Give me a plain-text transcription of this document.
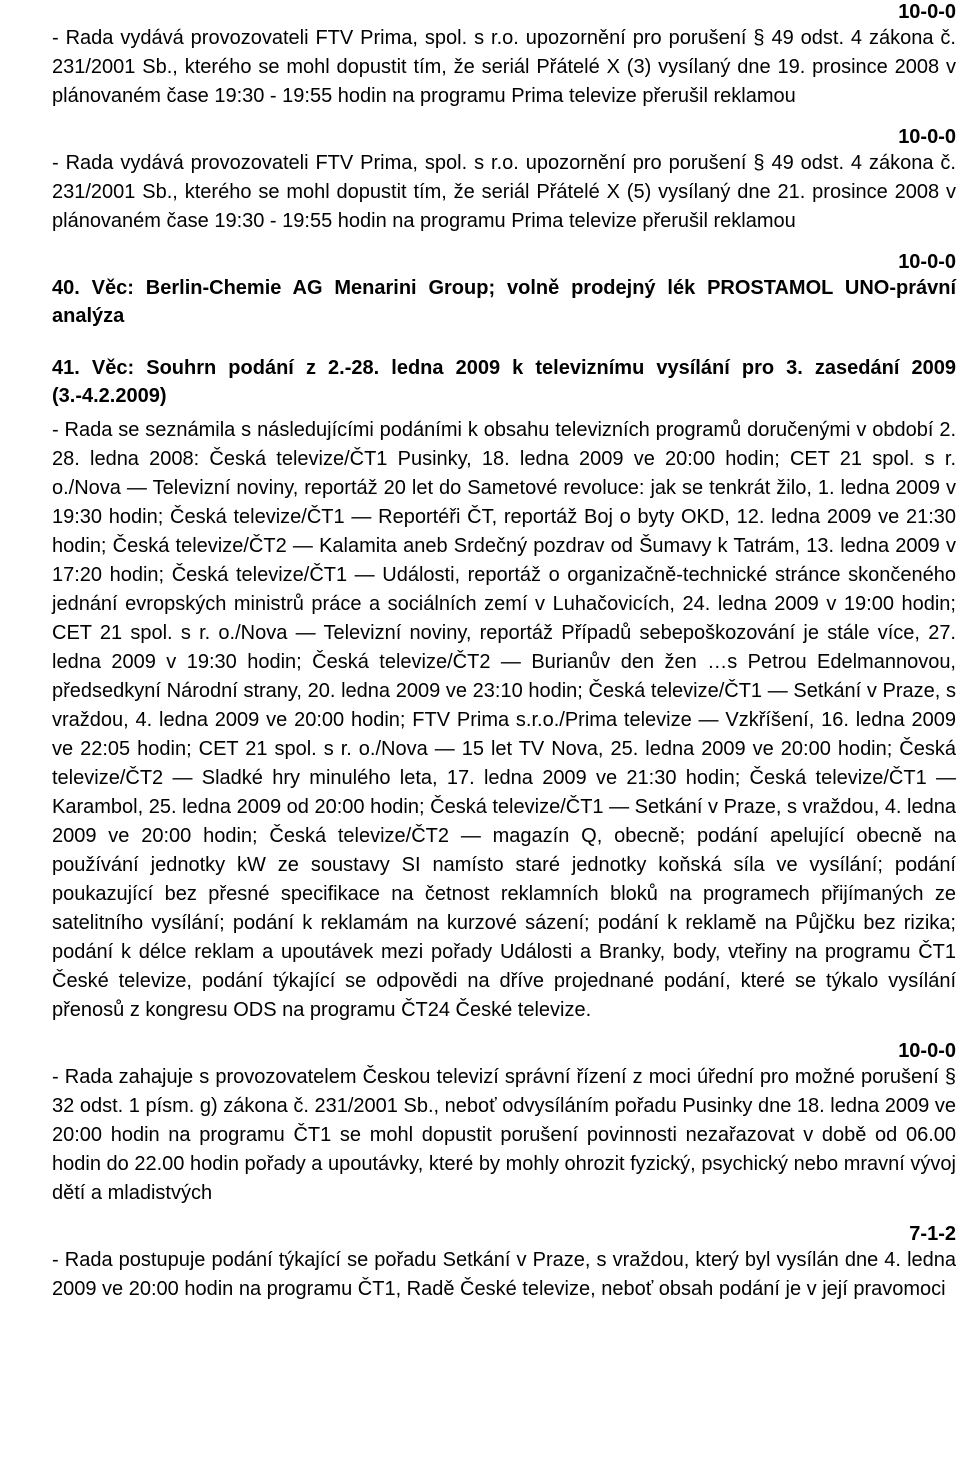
10-0-0
- Rada vydává provozovateli FTV Prima, spol. s r.o. upozornění pro porušení § 49 odst. 4 zákona č. 231/2001 Sb., kterého se mohl dopustit tím, že seriál Přátelé X (3) vysílaný dne 19. prosince 2008 v plánovaném čase 19:30 - 19:55 hodin na programu Prima televize přerušil reklamou
10-0-0
- Rada vydává provozovateli FTV Prima, spol. s r.o. upozornění pro porušení § 49 odst. 4 zákona č. 231/2001 Sb., kterého se mohl dopustit tím, že seriál Přátelé X (5) vysílaný dne 21. prosince 2008 v plánovaném čase 19:30 - 19:55 hodin na programu Prima televize přerušil reklamou
10-0-0
40. Věc: Berlin-Chemie AG Menarini Group; volně prodejný lék PROSTAMOL UNO-právní analýza
41. Věc: Souhrn podání z 2.-28. ledna 2009 k televiznímu vysílání pro 3. zasedání 2009 (3.-4.2.2009)
- Rada se seznámila s následujícími podáními k obsahu televizních programů doručenými v období 2. 28. ledna 2008: Česká televize/ČT1 Pusinky, 18. ledna 2009 ve 20:00 hodin; CET 21 spol. s r. o./Nova — Televizní noviny, reportáž 20 let do Sametové revoluce: jak se tenkrát žilo, 1. ledna 2009 v 19:30 hodin; Česká televize/ČT1 — Reportéři ČT, reportáž Boj o byty OKD, 12. ledna 2009 ve 21:30 hodin; Česká televize/ČT2 — Kalamita aneb Srdečný pozdrav od Šumavy k Tatrám, 13. ledna 2009 v 17:20 hodin; Česká televize/ČT1 — Události, reportáž o organizačně-technické stránce skončeného jednání evropských ministrů práce a sociálních zemí v Luhačovicích, 24. ledna 2009 v 19:00 hodin; CET 21 spol. s r. o./Nova — Televizní noviny, reportáž Případů sebepoškozování je stále více, 27. ledna 2009 v 19:30 hodin; Česká televize/ČT2 — Burianův den žen …s Petrou Edelmannovou, předsedkyní Národní strany, 20. ledna 2009 ve 23:10 hodin; Česká televize/ČT1 — Setkání v Praze, s vraždou, 4. ledna 2009 ve 20:00 hodin; FTV Prima s.r.o./Prima televize — Vzkříšení, 16. ledna 2009 ve 22:05 hodin; CET 21 spol. s r. o./Nova — 15 let TV Nova, 25. ledna 2009 ve 20:00 hodin; Česká televize/ČT2 — Sladké hry minulého leta, 17. ledna 2009 ve 21:30 hodin; Česká televize/ČT1 — Karambol, 25. ledna 2009 od 20:00 hodin; Česká televize/ČT1 — Setkání v Praze, s vraždou, 4. ledna 2009 ve 20:00 hodin; Česká televize/ČT2 — magazín Q, obecně; podání apelující obecně na používání jednotky kW ze soustavy SI namísto staré jednotky koňská síla ve vysílání; podání poukazující bez přesné specifikace na četnost reklamních bloků na programech přijímaných ze satelitního vysílání; podání k reklamám na kurzové sázení; podání k reklamě na Půjčku bez rizika; podání k délce reklam a upoutávek mezi pořady Události a Branky, body, vteřiny na programu ČT1 České televize, podání týkající se odpovědi na dříve projednané podání, které se týkalo vysílání přenosů z kongresu ODS na programu ČT24 České televize.
10-0-0
- Rada zahajuje s provozovatelem Českou televizí správní řízení z moci úřední pro možné porušení § 32 odst. 1 písm. g) zákona č. 231/2001 Sb., neboť odvysíláním pořadu Pusinky dne 18. ledna 2009 ve 20:00 hodin na programu ČT1 se mohl dopustit porušení povinnosti nezařazovat v době od 06.00 hodin do 22.00 hodin pořady a upoutávky, které by mohly ohrozit fyzický, psychický nebo mravní vývoj dětí a mladistvých
7-1-2
- Rada postupuje podání týkající se pořadu Setkání v Praze, s vraždou, který byl vysílán dne 4. ledna 2009 ve 20:00 hodin na programu ČT1, Radě České televize, neboť obsah podání je v její pravomoci
